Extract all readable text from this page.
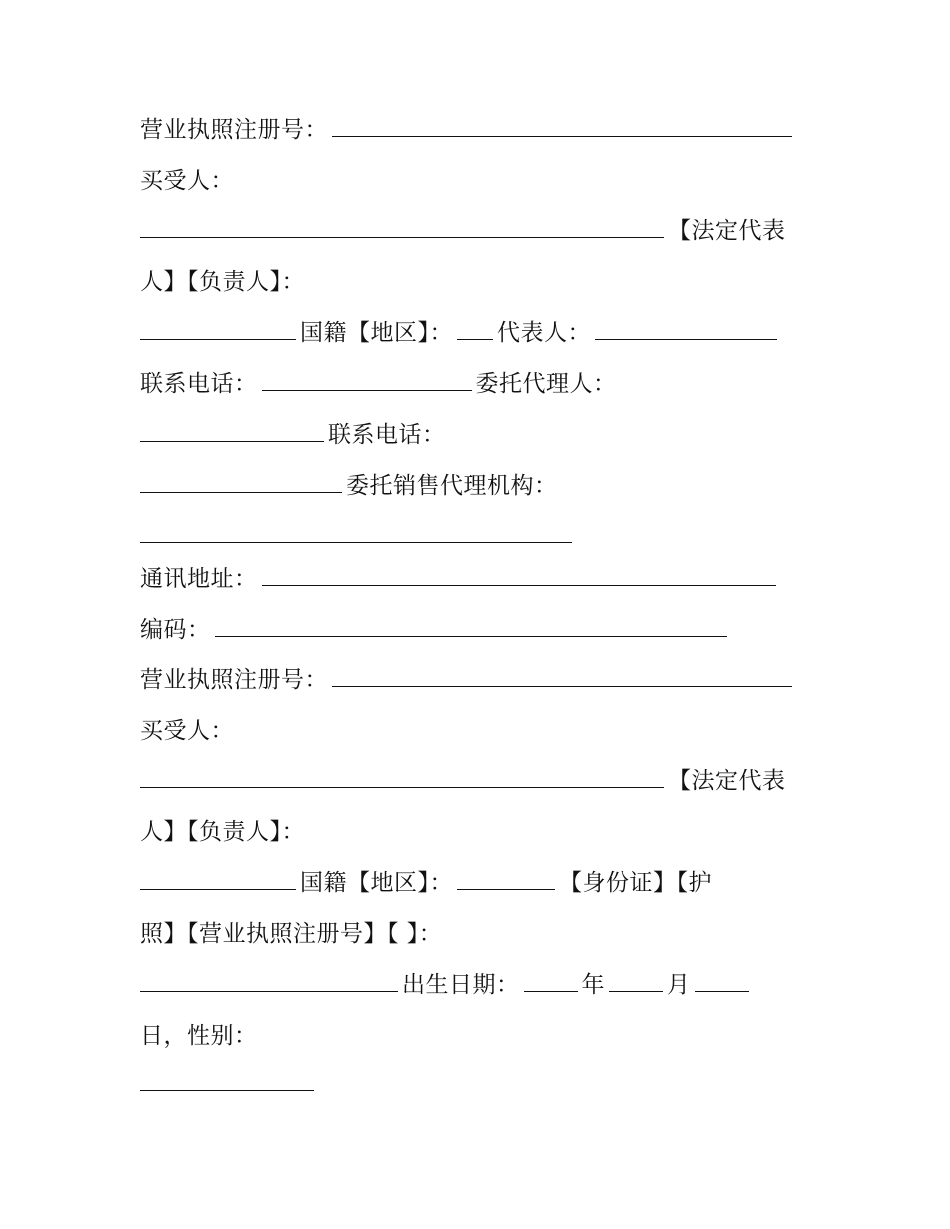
营业执照注册号：
买受人：
【法定代表
人】【负责人】：
国籍【地区】： 代表人：
联系电话：	委托代理人：
联系电话：
委托销售代理机构：
通讯地址：
编码：
营业执照注册号：
买受人：
【法定代表
人】【负责人】：
国籍【地区】：	【身份证】【护
照】【营业执照注册号】【 】：
出生日期：	年	月
日，性别：
